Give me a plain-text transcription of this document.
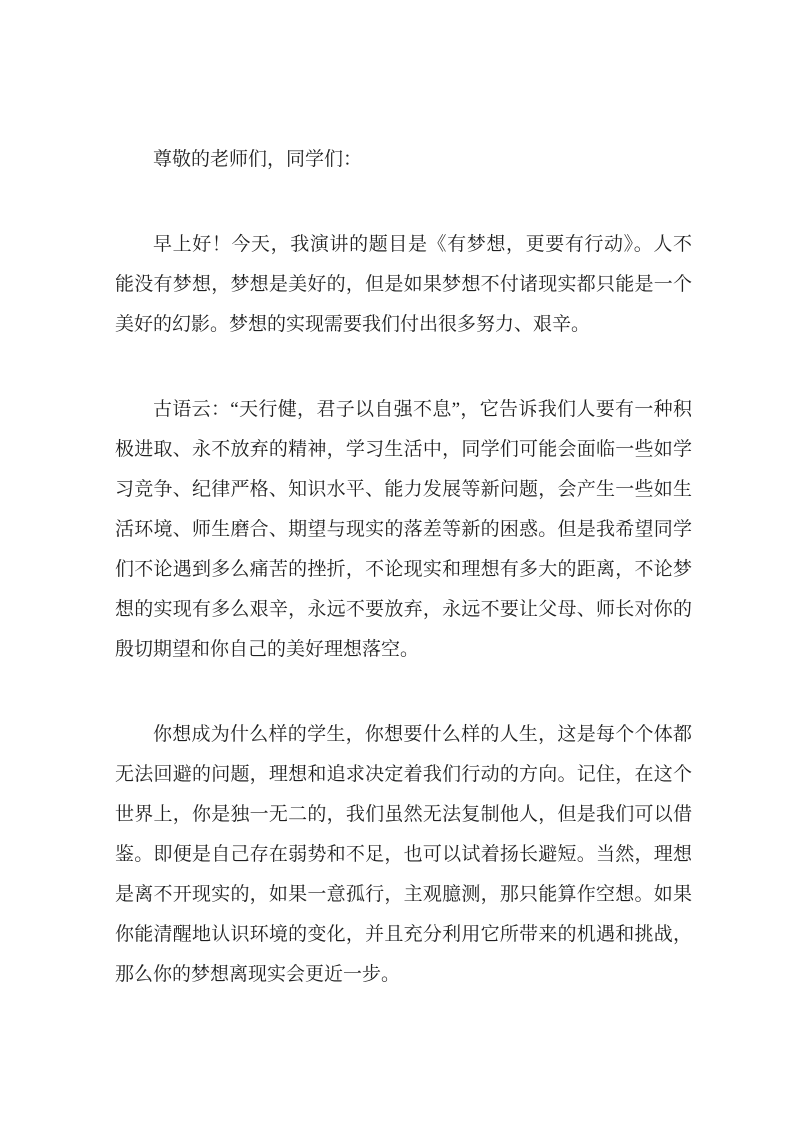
尊敬的老师们，同学们：

早上好！今天，我演讲的题目是《有梦想，更要有行动》。人不能没有梦想，梦想是美好的，但是如果梦想不付诸现实都只能是一个美好的幻影。梦想的实现需要我们付出很多努力、艰辛。

古语云：“天行健，君子以自强不息”，它告诉我们人要有一种积极进取、永不放弃的精神，学习生活中，同学们可能会面临一些如学习竞争、纪律严格、知识水平、能力发展等新问题，会产生一些如生活环境、师生磨合、期望与现实的落差等新的困惑。但是我希望同学们不论遇到多么痛苦的挫折，不论现实和理想有多大的距离，不论梦想的实现有多么艰辛，永远不要放弃，永远不要让父母、师长对你的殷切期望和你自己的美好理想落空。

你想成为什么样的学生，你想要什么样的人生，这是每个个体都无法回避的问题，理想和追求决定着我们行动的方向。记住，在这个世界上，你是独一无二的，我们虽然无法复制他人，但是我们可以借鉴。即便是自己存在弱势和不足，也可以试着扬长避短。当然，理想是离不开现实的，如果一意孤行，主观臆测，那只能算作空想。如果你能清醒地认识环境的变化，并且充分利用它所带来的机遇和挑战，那么你的梦想离现实会更近一步。
